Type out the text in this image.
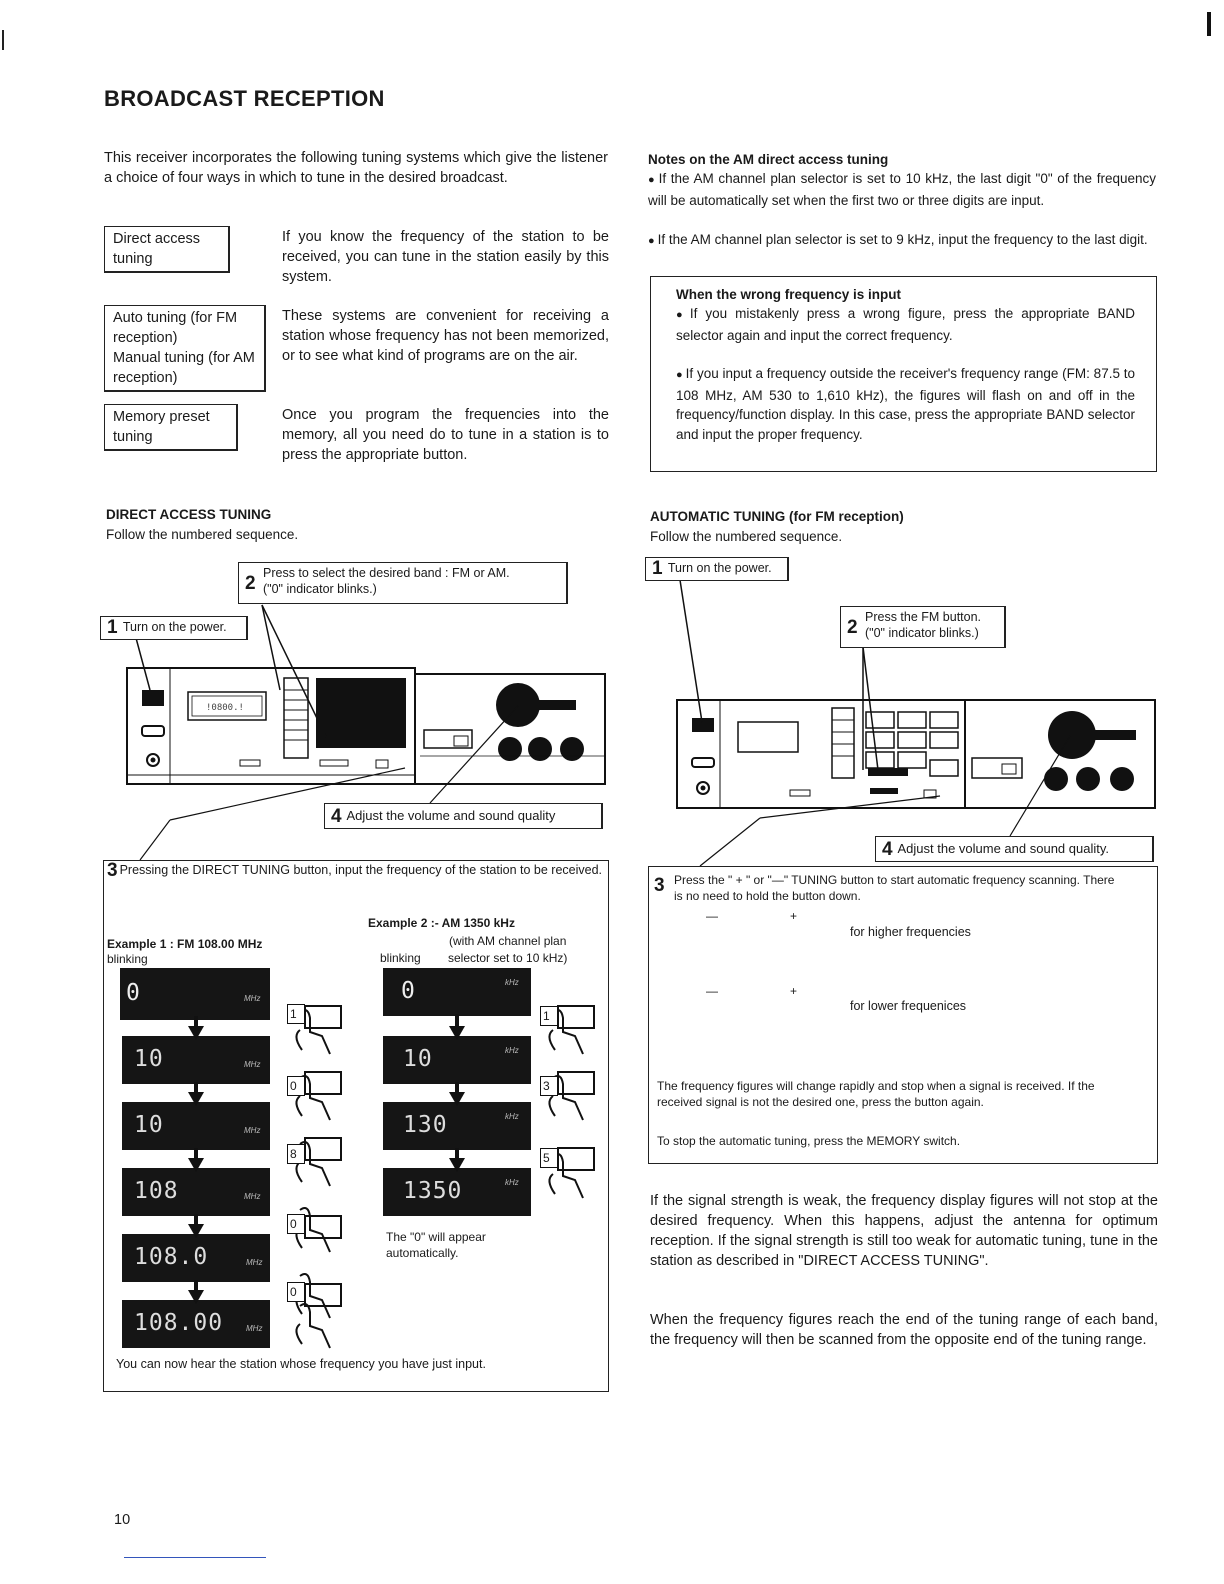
BROADCAST RECEPTION
This receiver incorporates the following tuning systems which give the listener a choice of four ways in which to tune in the desired broadcast.
Direct access
tuning
If you know the frequency of the station to be received, you can tune in the station easily by this system.
Auto tuning (for FM reception)
Manual tuning (for AM reception)
These systems are convenient for receiving a station whose frequency has not been memorized, or to see what kind of programs are on the air.
Memory preset
tuning
Once you program the frequencies into the memory, all you need do to tune in a station is to press the appropriate button.
Notes on the AM direct access tuning
● If the AM channel plan selector is set to 10 kHz, the last digit "0" of the frequency will be automatically set when the first two or three digits are input.
● If the AM channel plan selector is set to 9 kHz, input the frequency to the last digit.
When the wrong frequency is input
● If you mistakenly press a wrong figure, press the appropriate BAND selector again and input the correct frequency.
● If you input a frequency outside the receiver's frequency range (FM: 87.5 to 108 MHz, AM 530 to 1,610 kHz), the figures will flash on and off in the frequency/function display. In this case, press the appropriate BAND selector and input the proper frequency.
DIRECT ACCESS TUNING
Follow the numbered sequence.
AUTOMATIC TUNING (for FM reception)
Follow the numbered sequence.
!0800.!
2 Press to select the desired band : FM or AM.
("0" indicator blinks.)
1 Turn on the power.
4 Adjust the volume and sound quality
3 Pressing the DIRECT TUNING button, input the frequency of the station to be received.
Example 2 :- AM 1350 kHz
(with AM channel plan
blinking selector set to 10 kHz)
Example 1 : FM 108.00 MHz
blinking
0	MHz
10	MHz
10	MHz
108	MHz
108.0	MHz
108.00	MHz
0	kHz
10	kHz
130	kHz
1350	kHz
1
0
8
0
0
1
3
5
The "0" will appear automatically.
You can now hear the station whose frequency you have just input.
1 Turn on the power.
2 Press the FM button.
("0" indicator blinks.)
4 Adjust the volume and sound quality.
3 Press the " + " or "—" TUNING button to start automatic frequency scanning. There is no need to hold the button down.
—	+
—	+
for higher frequencies
for lower frequenices
The frequency figures will change rapidly and stop when a signal is received. If the received signal is not the desired one, press the button again.
To stop the automatic tuning, press the MEMORY switch.
If the signal strength is weak, the frequency display figures will not stop at the desired frequency. When this happens, adjust the antenna for optimum reception. If the signal strength is still too weak for automatic tuning, tune in the station as described in "DIRECT ACCESS TUNING".
When the frequency figures reach the end of the tuning range of each band, the frequency will then be scanned from the opposite end of the tuning range.
10
